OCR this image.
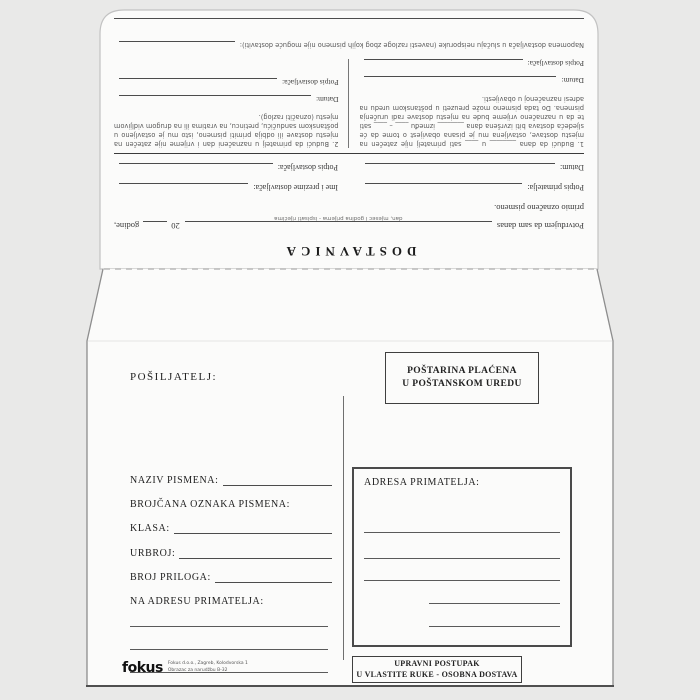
DOSTAVNICA
Potvrđujem da sam danas
dan, mjesec i godina prijema - ispisati riječima
20
godine,
primio označeno pismeno.
Potpis primatelja:
Ime i prezime dostavljača:
Datum:
Potpis dostavljača:

1. Budući da dana ________ u ____ sati primatelj nije zatečen na mjestu dostave, ostavljena mu je pisana obavijest o tome da će sljedeća dostava biti izvršena dana ________ između ____ – ____ sati te da u naznačeno vrijeme bude na mjestu dostave radi uručenja pismena. Do tada pismeno može preuzeti u poštanskom uredu na adresi naznačenoj u obavijesti.

Datum:
Potpis dostavljača:

2. Budući da primatelj u naznačeni dan i vrijeme nije zatečen na mjestu dostave ili odbija primiti pismeno, isto mu je ostavljeno u poštanskom sandučiću, pretincu, na vratima ili na drugom vidljivom mjestu (označiti razlog).

Datum:
Potpis dostavljača:
Napomena dostavljača u slučaju neisporuke (navesti razloge zbog kojih pismeno nije moguće dostaviti):
POŠILJATELJ:	POŠTARINA PLAĆENA
U POŠTANSKOM UREDU
NAZIV PISMENA:
BROJČANA OZNAKA PISMENA:
KLASA:
URBROJ:
BROJ PRILOGA:
NA ADRESU PRIMATELJA:
ADRESA PRIMATELJA:
UPRAVNI POSTUPAK
U VLASTITE RUKE - OSOBNA DOSTAVA
fokus Fokus d.o.o., Zagreb, Kolodvorska 1
Obrazac za narudžbu B-32
